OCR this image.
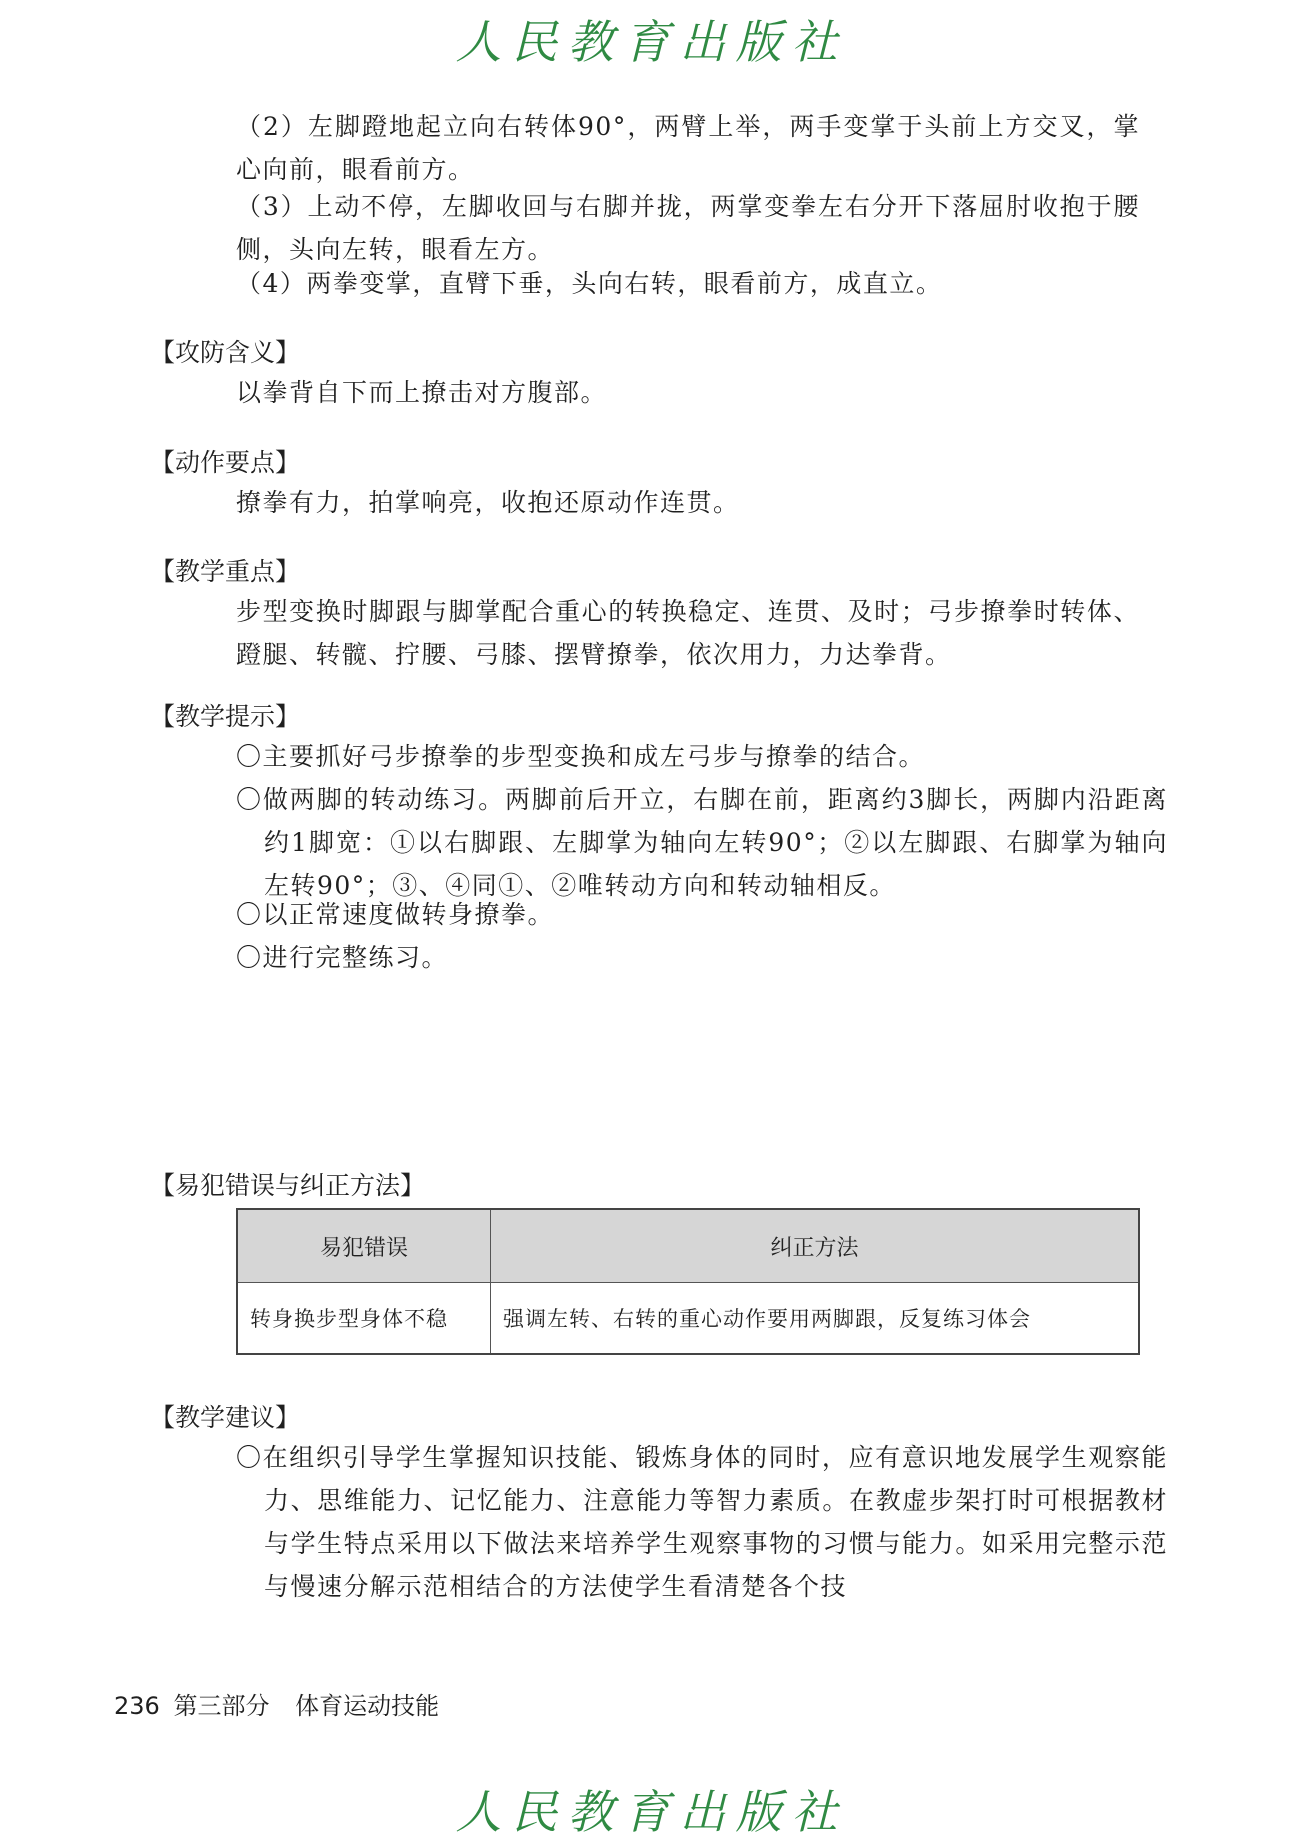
人民教育出版社

（2）左脚蹬地起立向右转体90°，两臂上举，两手变掌于头前上方交叉，掌心向前，眼看前方。

（3）上动不停，左脚收回与右脚并拢，两掌变拳左右分开下落屈肘收抱于腰侧，头向左转，眼看左方。

（4）两拳变掌，直臂下垂，头向右转，眼看前方，成直立。

【攻防含义】

以拳背自下而上撩击对方腹部。

【动作要点】

撩拳有力，拍掌响亮，收抱还原动作连贯。

【教学重点】

步型变换时脚跟与脚掌配合重心的转换稳定、连贯、及时；弓步撩拳时转体、蹬腿、转髋、拧腰、弓膝、摆臂撩拳，依次用力，力达拳背。

【教学提示】

〇主要抓好弓步撩拳的步型变换和成左弓步与撩拳的结合。

〇做两脚的转动练习。两脚前后开立，右脚在前，距离约3脚长，两脚内沿距离约1脚宽：①以右脚跟、左脚掌为轴向左转90°；②以左脚跟、右脚掌为轴向左转90°；③、④同①、②唯转动方向和转动轴相反。

〇以正常速度做转身撩拳。

〇进行完整练习。

【易犯错误与纠正方法】
易犯错误	纠正方法
转身换步型身体不稳	强调左转、右转的重心动作要用两脚跟，反复练习体会
【教学建议】

〇在组织引导学生掌握知识技能、锻炼身体的同时，应有意识地发展学生观察能力、思维能力、记忆能力、注意能力等智力素质。在教虚步架打时可根据教材与学生特点采用以下做法来培养学生观察事物的习惯与能力。如采用完整示范与慢速分解示范相结合的方法使学生看清楚各个技

236 第三部分 体育运动技能
人民教育出版社
